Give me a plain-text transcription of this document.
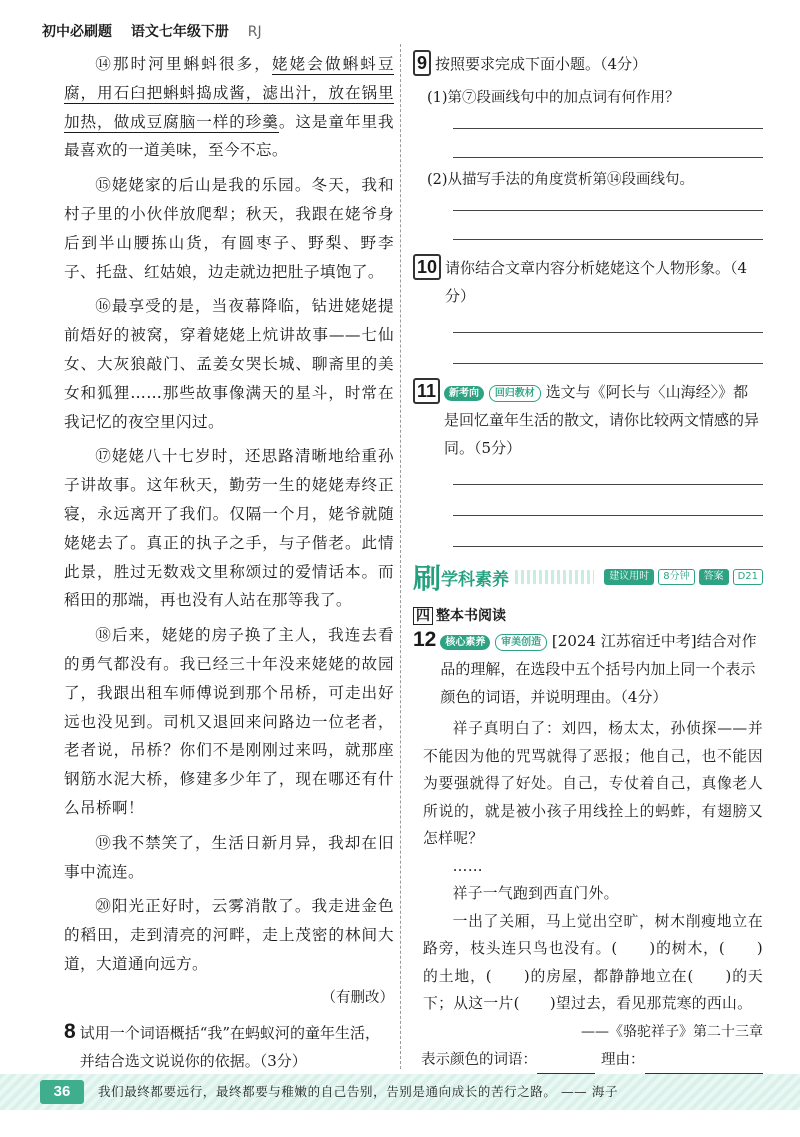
初中必刷题 语文七年级下册 RJ

⑭那时河里蝌蚪很多，姥姥会做蝌蚪豆腐，用石臼把蝌蚪捣成酱，滤出汁，放在锅里加热，做成豆腐脑一样的珍羹。这是童年里我最喜欢的一道美味，至今不忘。

⑮姥姥家的后山是我的乐园。冬天，我和村子里的小伙伴放爬犁；秋天，我跟在姥爷身后到半山腰拣山货，有圆枣子、野梨、野李子、托盘、红姑娘，边走就边把肚子填饱了。

⑯最享受的是，当夜幕降临，钻进姥姥提前焐好的被窝，穿着姥姥上炕讲故事——七仙女、大灰狼敲门、孟姜女哭长城、聊斋里的美女和狐狸……那些故事像满天的星斗，时常在我记忆的夜空里闪过。

⑰姥姥八十七岁时，还思路清晰地给重孙子讲故事。这年秋天，勤劳一生的姥姥寿终正寝，永远离开了我们。仅隔一个月，姥爷就随姥姥去了。真正的执子之手，与子偕老。此情此景，胜过无数戏文里称颂过的爱情话本。而稻田的那端，再也没有人站在那等我了。

⑱后来，姥姥的房子换了主人，我连去看的勇气都没有。我已经三十年没来姥姥的故园了，我跟出租车师傅说到那个吊桥，可走出好远也没见到。司机又退回来问路边一位老者，老者说，吊桥？你们不是刚刚过来吗，就那座钢筋水泥大桥，修建多少年了，现在哪还有什么吊桥啊！

⑲我不禁笑了，生活日新月异，我却在旧事中流连。

⑳阳光正好时，云雾消散了。我走进金色的稻田，走到清亮的河畔，走上茂密的林间大道，大道通向远方。

（有删改）

8 试用一个词语概括“我”在蚂蚁河的童年生活，并结合选文说说你的依据。（3分）
9 按照要求完成下面小题。（4分）

(1)第⑦段画线句中的加点词有何作用？

(2)从描写手法的角度赏析第⑭段画线句。

10 请你结合文章内容分析姥姥这个人物形象。（4分）
11	新考向 回归教材 选文与《阿长与〈山海经〉》都是回忆童年生活的散文，请你比较两文情感的异同。（5分）
刷 学科素养	建议用时	8分钟	答案	D21
四 整本书阅读
12 核心素养 审美创造 [2024 江苏宿迁中考]结合对作品的理解，在选段中五个括号内加上同一个表示颜色的词语，并说明理由。（4分）

祥子真明白了：刘四，杨太太，孙侦探——并不能因为他的咒骂就得了恶报；他自己，也不能因为要强就得了好处。自己，专仗着自己，真像老人所说的，就是被小孩子用线拴上的蚂蚱，有翅膀又怎样呢？

……

祥子一气跑到西直门外。

一出了关厢，马上觉出空旷，树木削瘦地立在路旁，枝头连只鸟也没有。(　　)的树木，(　　)的土地，(　　)的房屋，都静静地立在(　　)的天下；从这一片(　　)望过去，看见那荒寒的西山。

——《骆驼祥子》第二十三章

表示颜色的词语：	理由：
36	我们最终都要远行，最终都要与稚嫩的自己告别，告别是通向成长的苦行之路。 —— 海子
